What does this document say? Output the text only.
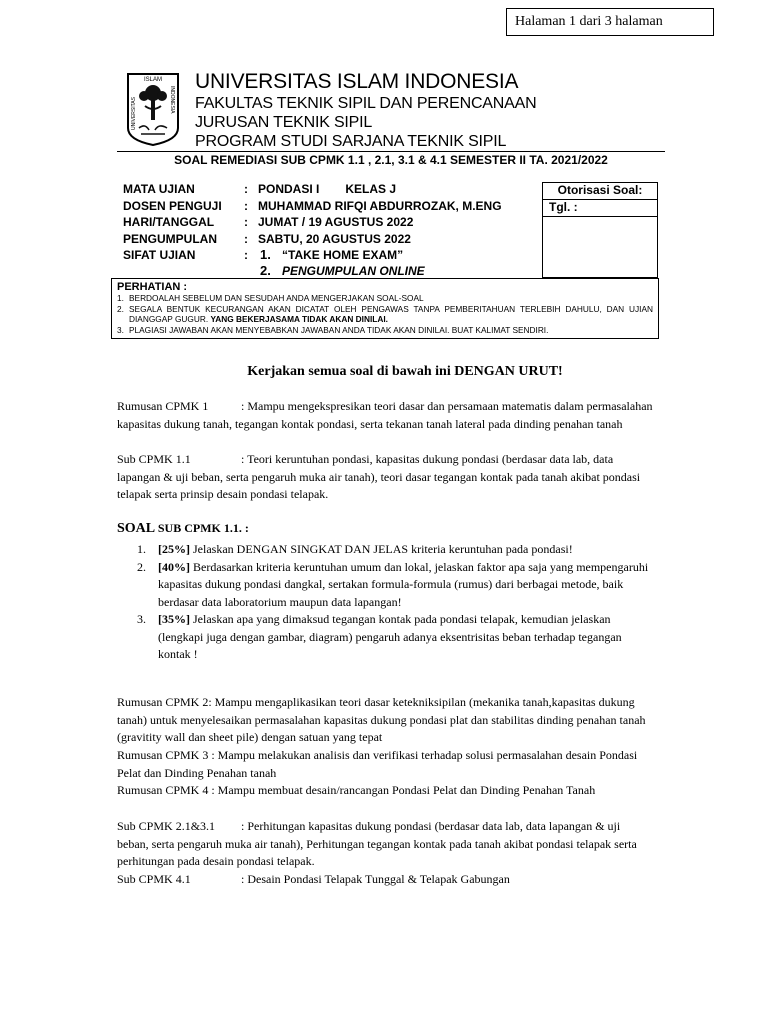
Halaman 1 dari 3 halaman
ISLAM
UNIVERSITAS	INDONESIA
UNIVERSITAS ISLAM INDONESIA
FAKULTAS TEKNIK SIPIL DAN PERENCANAAN
JURUSAN TEKNIK SIPIL
PROGRAM STUDI SARJANA TEKNIK SIPIL
SOAL REMEDIASI SUB CPMK 1.1 , 2.1, 3.1 & 4.1 SEMESTER II TA. 2021/2022
MATA UJIAN	: PONDASI I KELAS J
DOSEN PENGUJI : MUHAMMAD RIFQI ABDURROZAK, M.ENG
HARI/TANGGAL : JUMAT / 19 AGUSTUS 2022
PENGUMPULAN : SABTU, 20 AGUSTUS 2022
SIFAT UJIAN	: 1. “TAKE HOME EXAM”
2. PENGUMPULAN ONLINE
Otorisasi Soal:
Tgl. :
PERHATIAN :
1. BERDOALAH SEBELUM DAN SESUDAH ANDA MENGERJAKAN SOAL-SOAL
2. SEGALA BENTUK KECURANGAN AKAN DICATAT OLEH PENGAWAS TANPA PEMBERITAHUAN TERLEBIH DAHULU, DAN UJIAN DIANGGAP GUGUR. YANG BEKERJASAMA TIDAK AKAN DINILAI.
3. PLAGIASI JAWABAN AKAN MENYEBABKAN JAWABAN ANDA TIDAK AKAN DINILAI. BUAT KALIMAT SENDIRI.
Kerjakan semua soal di bawah ini DENGAN URUT!
Rumusan CPMK 1	: Mampu mengekspresikan teori dasar dan persamaan matematis dalam permasalahan kapasitas dukung tanah, tegangan kontak pondasi, serta tekanan tanah lateral pada dinding penahan tanah
Sub CPMK 1.1	: Teori keruntuhan pondasi, kapasitas dukung pondasi (berdasar data lab, data lapangan & uji beban, serta pengaruh muka air tanah), teori dasar tegangan kontak pada tanah akibat pondasi telapak serta prinsip desain pondasi telapak.
SOAL SUB CPMK 1.1. :
1.	[25%] Jelaskan DENGAN SINGKAT DAN JELAS kriteria keruntuhan pada pondasi!
2.	[40%] Berdasarkan kriteria keruntuhan umum dan lokal, jelaskan faktor apa saja yang mempengaruhi kapasitas dukung pondasi dangkal, sertakan formula-formula (rumus) dari berbagai metode, baik berdasar data laboratorium maupun data lapangan!
3.	[35%] Jelaskan apa yang dimaksud tegangan kontak pada pondasi telapak, kemudian jelaskan (lengkapi juga dengan gambar, diagram) pengaruh adanya eksentrisitas beban terhadap tegangan kontak !
Rumusan CPMK 2: Mampu mengaplikasikan teori dasar ketekniksipilan (mekanika tanah,kapasitas dukung tanah) untuk menyelesaikan permasalahan kapasitas dukung pondasi plat dan stabilitas dinding penahan tanah (gravitity wall dan sheet pile) dengan satuan yang tepat
Rumusan CPMK 3 : Mampu melakukan analisis dan verifikasi terhadap solusi permasalahan desain Pondasi Pelat dan Dinding Penahan tanah
Rumusan CPMK 4 : Mampu membuat desain/rancangan Pondasi Pelat dan Dinding Penahan Tanah
Sub CPMK 2.1&3.1 : Perhitungan kapasitas dukung pondasi (berdasar data lab, data lapangan & uji beban, serta pengaruh muka air tanah), Perhitungan tegangan kontak pada tanah akibat pondasi telapak serta perhitungan pada desain pondasi telapak.
Sub CPMK 4.1	: Desain Pondasi Telapak Tunggal & Telapak Gabungan
